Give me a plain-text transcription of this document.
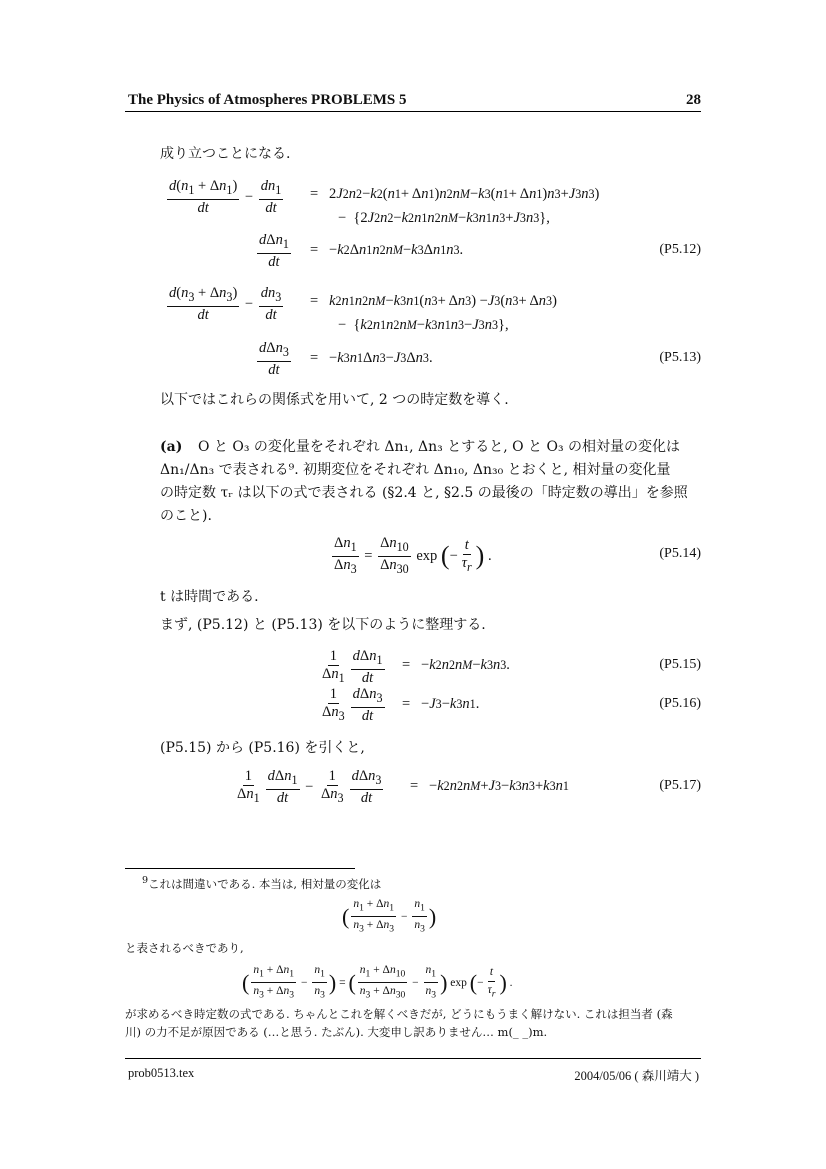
The Physics of Atmospheres PROBLEMS 5	28
成り立つことになる.
$\frac{d(n_1 + \Delta n_1)}{dt} - \frac{dn_1}{dt} = 2$ J 2 n 2 − k 2 ( n 1 + Δ n 1 ) n 2 n M − k 3 ( n 1 + Δ n 1 ) n 3 + J 3 n 3 )
−  {2 J 2 n 2 − k 2 n 1 n 2 n M − k 3 n 1 n 3 + J 3 n 3 },
$\frac{d\Delta n_1}{dt}$ =   − k 2 Δ n 1 n 2 n M − k 3 Δ n 1 n 3 .	(P5.12)
$\frac{d(n_3 + \Delta n_3)}{dt} - \frac{dn_3}{dt} = k$ 2 n 1 n 2 n M − k 3 n 1 ( n 3 + Δ n 3 ) − J 3 ( n 3 + Δ n 3 )
−  { k 2 n 1 n 2 n M − k 3 n 1 n 3 − J 3 n 3 },
$\frac{d\Delta n_3}{dt}$ =   − k 3 n 1 Δ n 3 − J 3 Δ n 3 .	(P5.13)
以下ではこれらの関係式を用いて, 2 つの時定数を導く.
(a) O と O₃ の変化量をそれぞれ Δn₁, Δn₃ とすると, O と O₃ の相対量の変化は
Δn₁/Δn₃ で表される⁹. 初期変位をそれぞれ Δn₁₀, Δn₃₀ とおくと, 相対量の変化量
の時定数 τᵣ は以下の式で表される (§2.4 と, §2.5 の最後の「時定数の導出」を参照
のこと).
$\frac{\Delta n_1}{\Delta n_3} = \frac{\Delta n_{10}}{\Delta n_{30}}$ exp ( − $\frac{t}{\tau_r}$ ) .	(P5.14)
t は時間である.
まず, (P5.12) と (P5.13) を以下のように整理する.
$\frac{1}{\Delta n_1} \frac{d\Delta n_1}{dt}$ =   − k 2 n 2 n M − k 3 n 3 .	(P5.15)
$\frac{1}{\Delta n_3} \frac{d\Delta n_3}{dt}$ =   − J 3 − k 3 n 1 .	(P5.16)
(P5.15) から (P5.16) を引くと,
$\frac{1}{\Delta n_1} \frac{d\Delta n_1}{dt} - \frac{1}{\Delta n_3} \frac{d\Delta n_3}{dt}$ =   − k 2 n 2 n M + J 3 − k 3 n 3 + k 3 n 1	(P5.17)
$^9$これは間違いである. 本当は, 相対量の変化は
( $\frac{n_1 + \Delta n_1}{n_3 + \Delta n_3} - \frac{n_1}{n_3}$ )
と表されるべきであり,
( $\frac{n_1 + \Delta n_1}{n_3 + \Delta n_3} - \frac{n_1}{n_3}$ ) = ( $\frac{n_1 + \Delta n_{10}}{n_3 + \Delta n_{30}} - \frac{n_1}{n_3}$ ) exp ( − $\frac{t}{\tau_r}$ ) .
が求めるべき時定数の式である. ちゃんとこれを解くべきだが, どうにもうまく解けない. これは担当者 (森
川) の力不足が原因である (…と思う. たぶん). 大変申し訳ありません… m(_ _)m.
prob0513.tex	2004/05/06 ( 森川靖大 )
